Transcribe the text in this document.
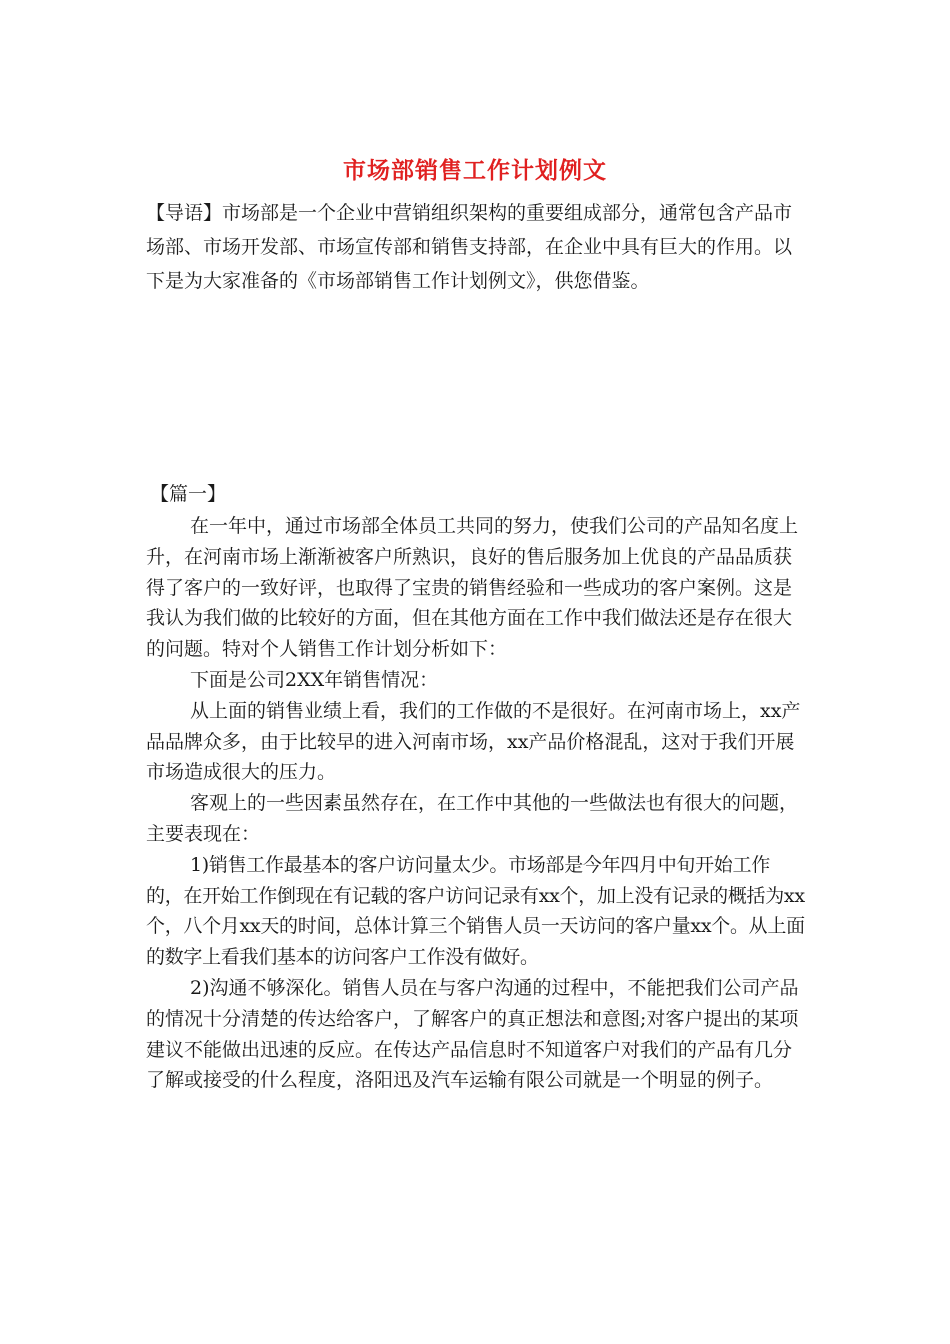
市场部销售工作计划例文

【导语】市场部是一个企业中营销组织架构的重要组成部分，通常包含产品市场部、市场开发部、市场宣传部和销售支持部，在企业中具有巨大的作用。以下是为大家准备的《市场部销售工作计划例文》，供您借鉴。

【篇一】

在一年中，通过市场部全体员工共同的努力，使我们公司的产品知名度上升，在河南市场上渐渐被客户所熟识，良好的售后服务加上优良的产品品质获得了客户的一致好评，也取得了宝贵的销售经验和一些成功的客户案例。这是我认为我们做的比较好的方面，但在其他方面在工作中我们做法还是存在很大的问题。特对个人销售工作计划分析如下：

下面是公司2XX年销售情况：

从上面的销售业绩上看，我们的工作做的不是很好。在河南市场上，xx产品品牌众多，由于比较早的进入河南市场，xx产品价格混乱，这对于我们开展市场造成很大的压力。

客观上的一些因素虽然存在，在工作中其他的一些做法也有很大的问题，主要表现在：

1)销售工作最基本的客户访问量太少。市场部是今年四月中旬开始工作的，在开始工作倒现在有记载的客户访问记录有xx个，加上没有记录的概括为xx个，八个月xx天的时间，总体计算三个销售人员一天访问的客户量xx个。从上面的数字上看我们基本的访问客户工作没有做好。

2)沟通不够深化。销售人员在与客户沟通的过程中，不能把我们公司产品的情况十分清楚的传达给客户，了解客户的真正想法和意图;对客户提出的某项建议不能做出迅速的反应。在传达产品信息时不知道客户对我们的产品有几分了解或接受的什么程度，洛阳迅及汽车运输有限公司就是一个明显的例子。
